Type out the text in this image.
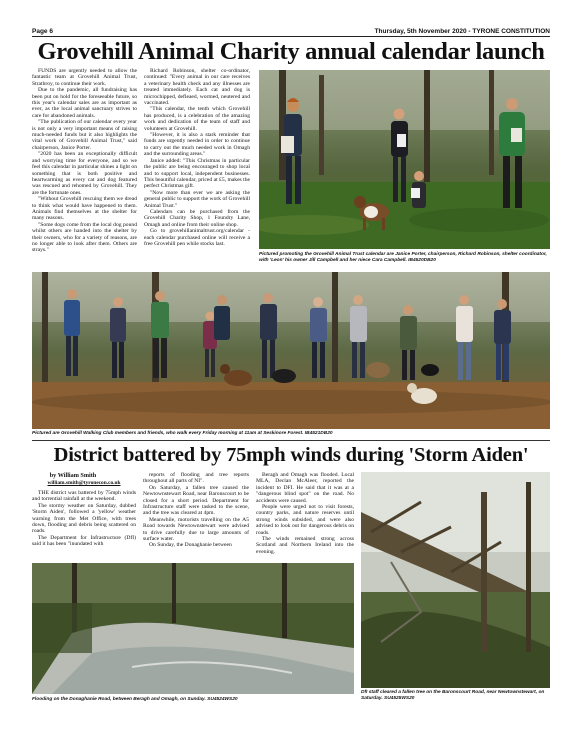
Page 6	Thursday, 5th November 2020 - TYRONE CONSTITUTION
Grovehill Animal Charity annual calendar launch

FUNDS are urgently needed to allow the fantastic team at Grovehill Animal Trust, Strathroy, to continue their work.

Due to the pandemic, all fundraising has been put on hold for the foreseeable future, so this year's calendar sales are as important as ever, as the local animal sanctuary strives to care for abandoned animals.

"The publication of our calendar every year is not only a very important means of raising much-needed funds but it also highlights the vital work of Grovehill Animal Trust," said chairperson, Janice Porter.

"2020 has been an exceptionally difficult and worrying time for everyone, and so we feel this calendar in particular shines a light on something that is both positive and heartwarming as every cat and dog featured was rescued and rehomed by Grovehill. They are the fortunate ones.

"Without Grovehill rescuing them we dread to think what would have happened to them. Animals find themselves at the shelter for many reasons.

"Some dogs come from the local dog pound whilst others are handed into the shelter by their owners, who for a variety of reasons, are no longer able to look after them. Others are strays."

Richard Robinson, shelter co-ordinator, continued: "Every animal in our care receives a veterinary health check and any illnesses are treated immediately. Each cat and dog is microchipped, defleaed, wormed, neutered and vaccinated.

"This calendar, the tenth which Grovehill has produced, is a celebration of the amazing work and dedication of the team of staff and volunteers at Grovehill.

"However, it is also a stark reminder that funds are urgently needed in order to continue to carry out the much needed work in Omagh and the surrounding areas."

Janice added: "This Christmas in particular the public are being encouraged to shop local and to support local, independent businesses. This beautiful calendar, priced at £5, makes the perfect Christmas gift.

"Now more than ever we are asking the general public to support the work of Grovehill Animal Trust."

Calendars can be purchased from the Grovehill Charity Shop, 1 Foundry Lane, Omagh and online from their online shop.

Go to grovehillanimaltrust.org/calendar - each calendar purchased online will receive a free Grovehill pen while stocks last.

Pictured promoting the Grovehill Animal Trust calendar are Janice Porter, chairperson, Richard Robinson, shelter coordinator, with 'Leon' his owner Jill Campbell and her niece Cara Campbell. IB4520DB20
Pictured are Grovehill Walking Club members and friends, who walk every Friday morning at 11am at Seskinore Forest. IB4521DB20
District battered by 75mph winds during 'Storm Aiden'
by William Smith
william.smith@tyronecon.co.uk

THE district was battered by 75mph winds and torrential rainfall at the weekend.

The stormy weather on Saturday, dubbed 'Storm Aiden', followed a 'yellow' weather warning from the Met Office, with trees down, flooding and debris being scattered on roads.

The Department for Infrastructure (DfI) said it has been "inundated with

reports of flooding and tree reports throughout all parts of NI".

On Saturday, a fallen tree caused the Newtownstewart Road, near Baronscourt to be closed for a short period. Department for Infrastructure staff were tasked to the scene, and the tree was cleared at 4pm.

Meanwhile, motorists travelling on the A5 Road towards Newtownstewart were advised to drive carefully due to large amounts of surface water.

On Sunday, the Donaghanie between

Beragh and Omagh was flooded. Local MLA, Declan McAleer, reported the incident to DFI. He said that it was at a "dangerous blind spot" on the road. No accidents were caused.

People were urged not to visit forests, country parks, and nature reserves until strong winds subsided, and were also advised to look out for dangerous debris on roads.

The winds remained strong across Scotland and Northern Ireland into the evening.

Flooding on the Donaghanie Road, between Beragh and Omagh, on Sunday. SU4524WS20
DfI staff cleared a fallen tree on the Baronscourt Road, near Newtownstewart, on Saturday. SU4525WS20
